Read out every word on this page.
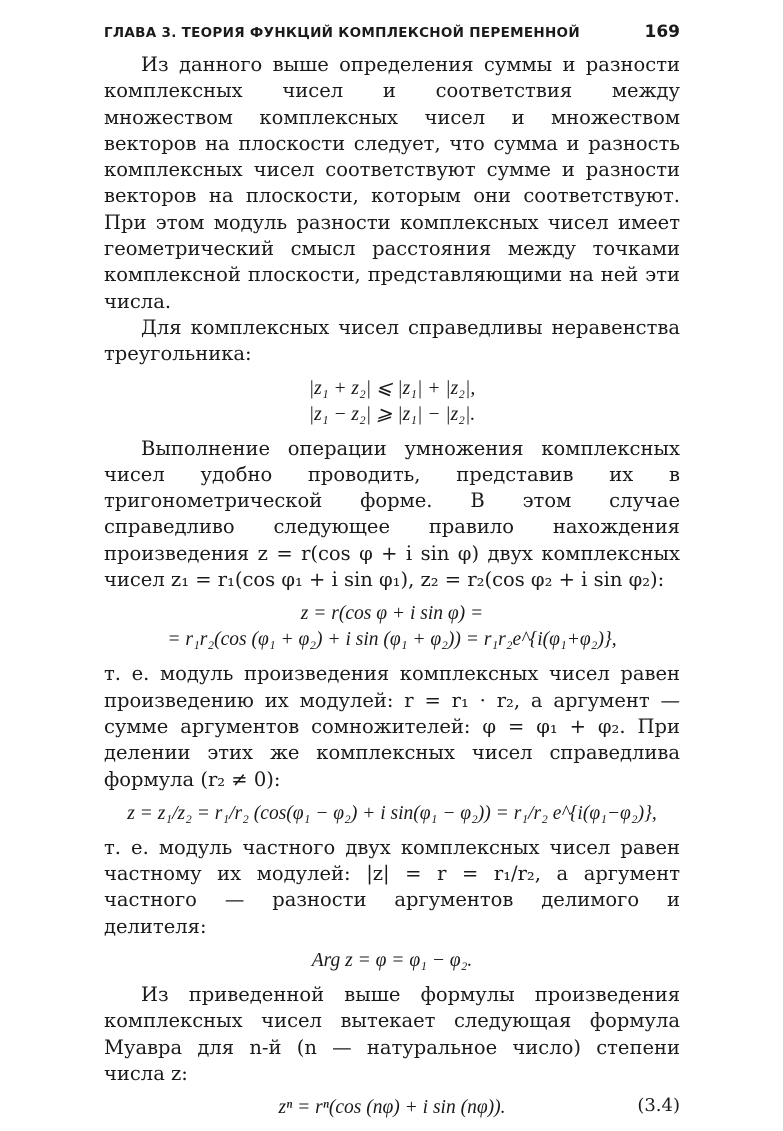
ГЛАВА 3. ТЕОРИЯ ФУНКЦИЙ КОМПЛЕКСНОЙ ПЕРЕМЕННОЙ	169

Из данного выше определения суммы и разности комплексных чисел и соответствия между множеством комплексных чисел и множеством векторов на плоскости следует, что сумма и разность комплексных чисел соответствуют сумме и разности векторов на плоскости, которым они соответствуют. При этом модуль разности комплексных чисел имеет геометрический смысл расстояния между точками комплексной плоскости, представляющими на ней эти числа.

Для комплексных чисел справедливы неравенства треугольника:

|z₁ + z₂| ⩽ |z₁| + |z₂|,
|z₁ − z₂| ⩾ |z₁| − |z₂|.

Выполнение операции умножения комплексных чисел удобно проводить, представив их в тригонометрической форме. В этом случае справедливо следующее правило нахождения произведения z = r(cos φ + i sin φ) двух комплексных чисел z₁ = r₁(cos φ₁ + i sin φ₁), z₂ = r₂(cos φ₂ + i sin φ₂):

z = r(cos φ + i sin φ) =
= r₁r₂(cos (φ₁ + φ₂) + i sin (φ₁ + φ₂)) = r₁r₂e^{i(φ₁+φ₂)},

т. е. модуль произведения комплексных чисел равен произведению их модулей: r = r₁ · r₂, а аргумент — сумме аргументов сомножителей: φ = φ₁ + φ₂. При делении этих же комплексных чисел справедлива формула (r₂ ≠ 0):

z = z₁/z₂ = r₁/r₂ (cos(φ₁ − φ₂) + i sin(φ₁ − φ₂)) = r₁/r₂ e^{i(φ₁−φ₂)},

т. е. модуль частного двух комплексных чисел равен частному их модулей: |z| = r = r₁/r₂, а аргумент частного — разности аргументов делимого и делителя:

Arg z = φ = φ₁ − φ₂.

Из приведенной выше формулы произведения комплексных чисел вытекает следующая формула Муавра для n-й (n — натуральное число) степени числа z:

zⁿ = rⁿ(cos (nφ) + i sin (nφ)).	(3.4)
